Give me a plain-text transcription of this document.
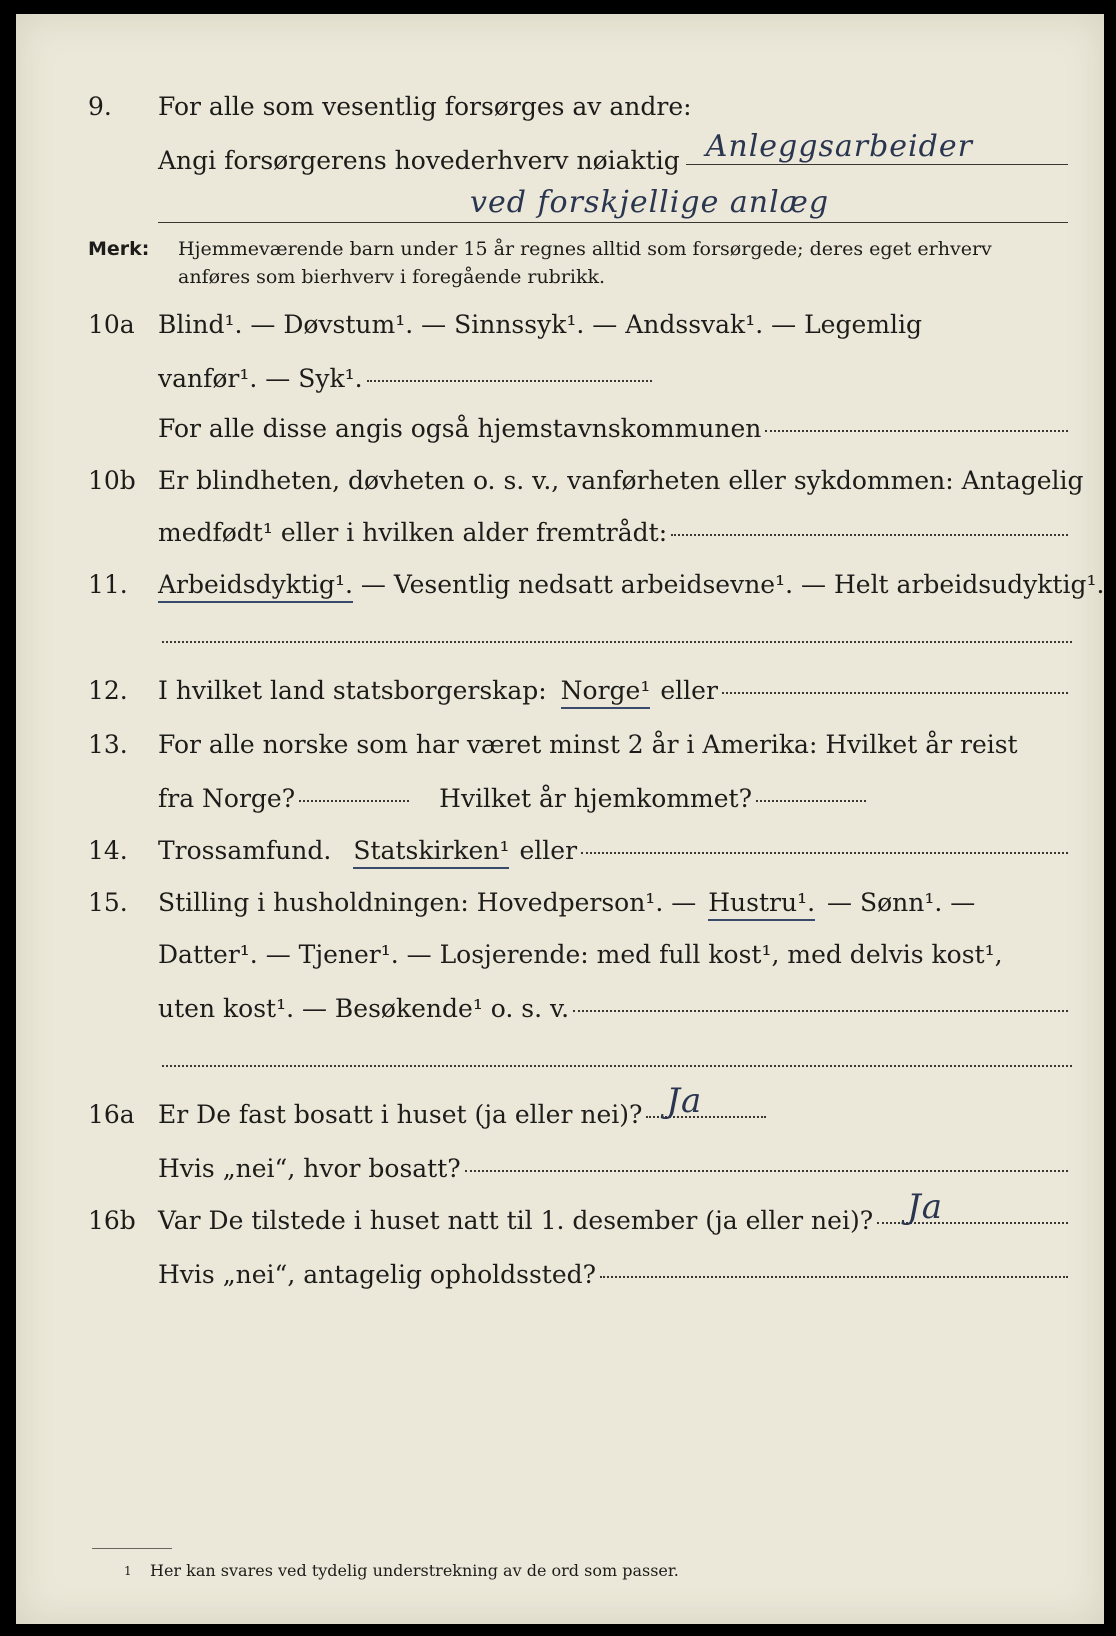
9. For alle som vesentlig forsørges av andre:
Angi forsørgerens hovederhverv nøiaktig Anleggsarbeider
ved forskjellige anlæg
Merk: Hjemmeværende barn under 15 år regnes alltid som forsørgede; deres eget erhverv
anføres som bierhverv i foregående rubrikk.
10a Blind¹. — Døvstum¹. — Sinnssyk¹. — Andssvak¹. — Legemlig
vanfør¹. — Syk¹.
For alle disse angis også hjemstavnskommunen
10b Er blindheten, døvheten o. s. v., vanførheten eller sykdommen: Antagelig
medfødt¹ eller i hvilken alder fremtrådt:
11. Arbeidsdyktig¹. — Vesentlig nedsatt arbeidsevne¹. — Helt arbeidsudyktig¹.
12. I hvilket land statsborgerskap: Norge¹ eller
13. For alle norske som har været minst 2 år i Amerika: Hvilket år reist
fra Norge?	Hvilket år hjemkommet?
14. Trossamfund. Statskirken¹ eller
15. Stilling i husholdningen: Hovedperson¹. — Hustru¹. — Sønn¹. —
Datter¹. — Tjener¹. — Losjerende: med full kost¹, med delvis kost¹,
uten kost¹. — Besøkende¹ o. s. v.
16a Er De fast bosatt i huset (ja eller nei)? Ja
Hvis „nei“, hvor bosatt?
16b Var De tilstede i huset natt til 1. desember (ja eller nei)? Ja
Hvis „nei“, antagelig opholdssted?
1 Her kan svares ved tydelig understrekning av de ord som passer.
